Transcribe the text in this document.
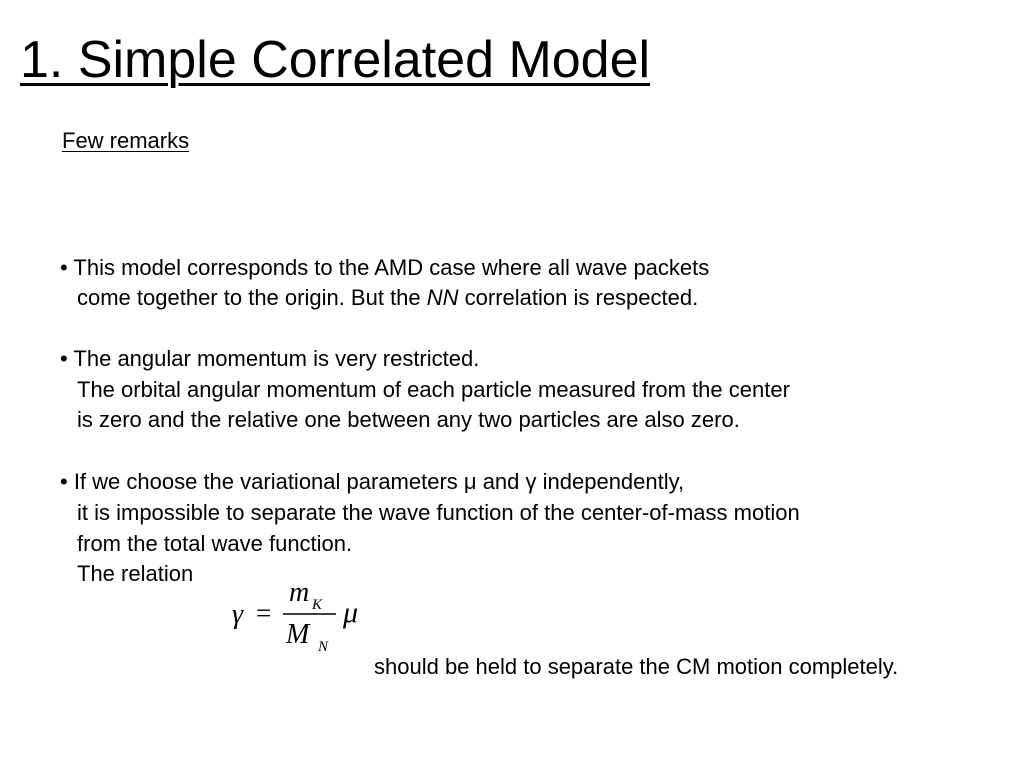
1. Simple Correlated Model
Few remarks
• This model corresponds to the AMD case where all wave packets
come together to the origin. But the NN correlation is respected.
• The angular momentum is very restricted.
The orbital angular momentum of each particle measured from the center
is zero and the relative one between any two particles are also zero.
• If we choose the variational parameters μ and γ independently,
it is impossible to separate the wave function of the center-of-mass motion
from the total wave function.
The relation
γ =
m K
M N
μ
should be held to separate the CM motion completely.
